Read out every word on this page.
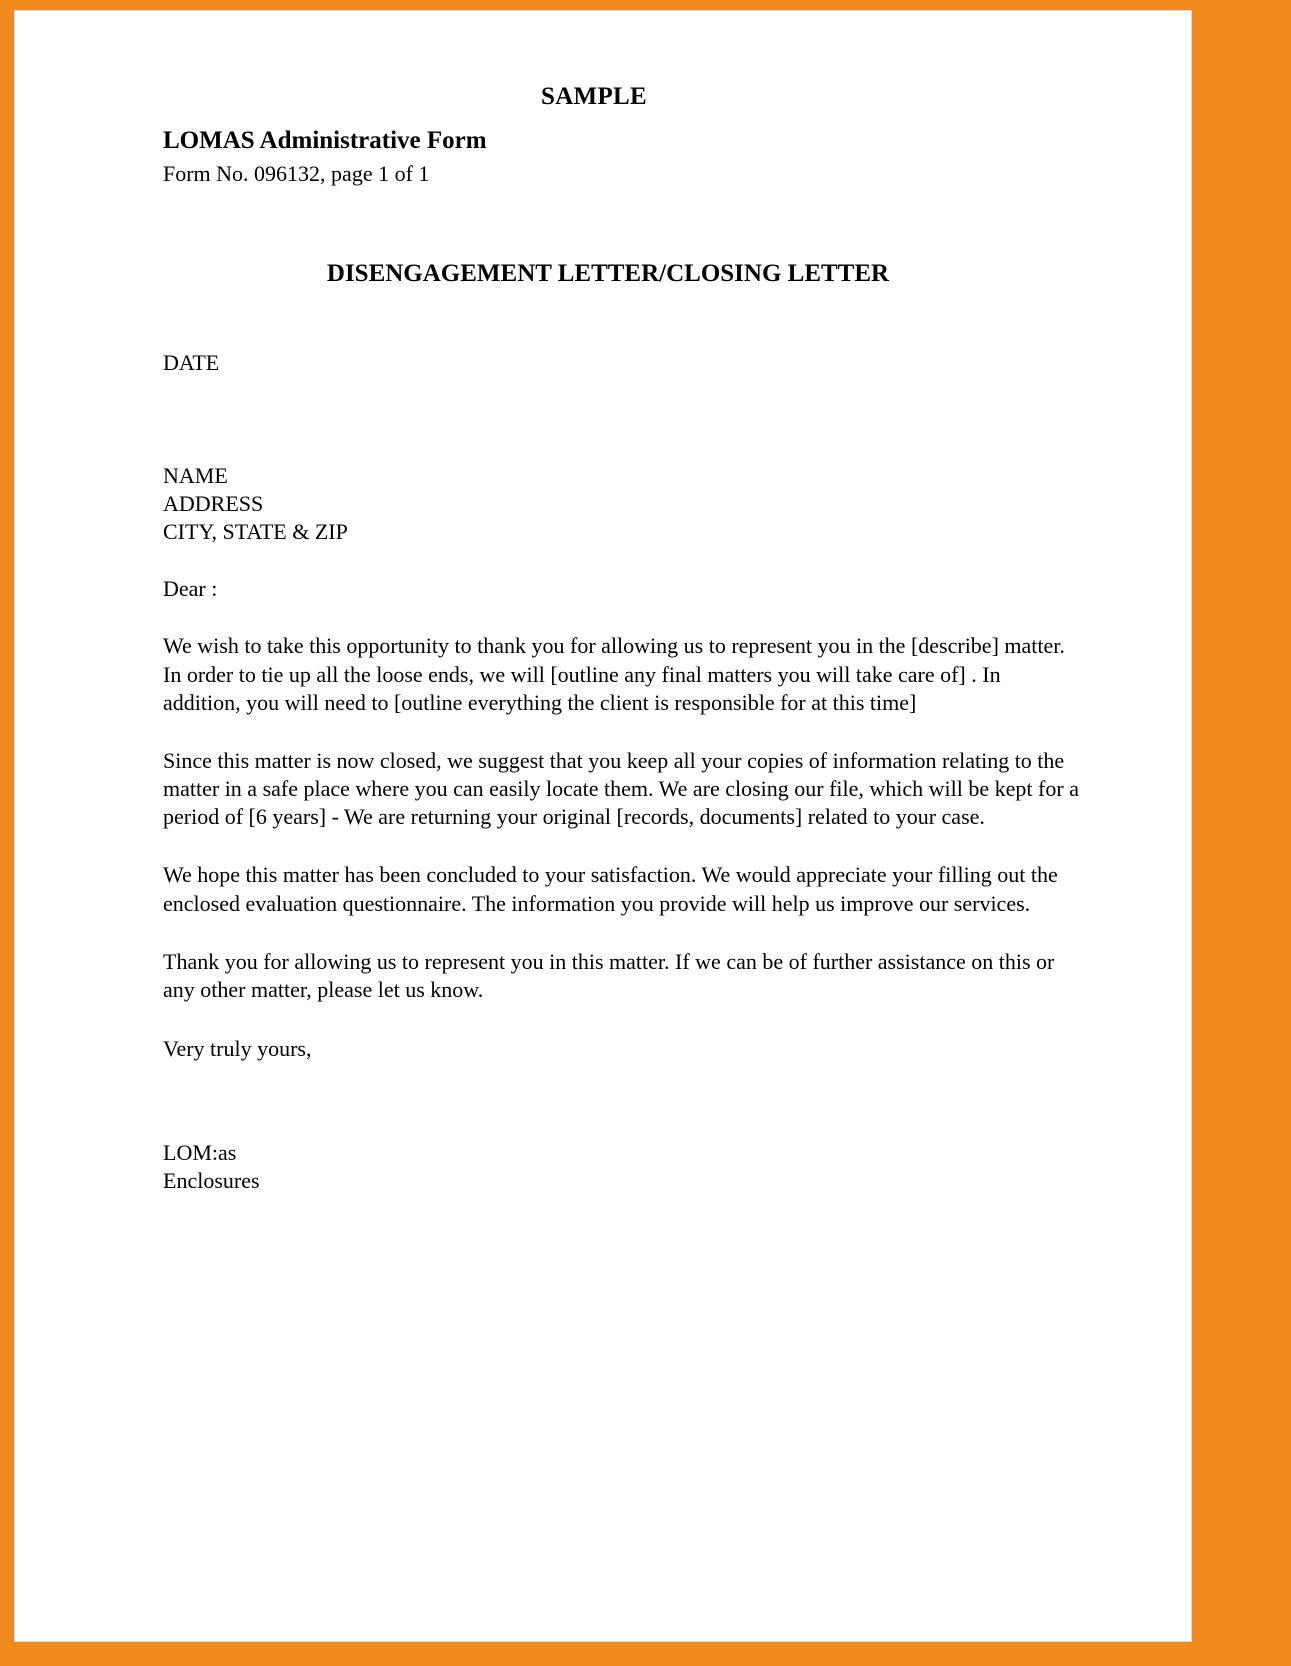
SAMPLE
LOMAS Administrative Form
Form No. 096132, page 1 of 1
DISENGAGEMENT LETTER/CLOSING LETTER
DATE
NAME
ADDRESS
CITY, STATE & ZIP
Dear :

We wish to take this opportunity to thank you for allowing us to represent you in the [describe] matter. In order to tie up all the loose ends, we will [outline any final matters you will take care of] . In addition, you will need to [outline everything the client is responsible for at this time]

Since this matter is now closed, we suggest that you keep all your copies of information relating to the matter in a safe place where you can easily locate them. We are closing our file, which will be kept for a period of [6 years] - We are returning your original [records, documents] related to your case.

We hope this matter has been concluded to your satisfaction. We would appreciate your filling out the enclosed evaluation questionnaire. The information you provide will help us improve our services.

Thank you for allowing us to represent you in this matter. If we can be of further assistance on this or any other matter, please let us know.

Very truly yours,
LOM:as
Enclosures
